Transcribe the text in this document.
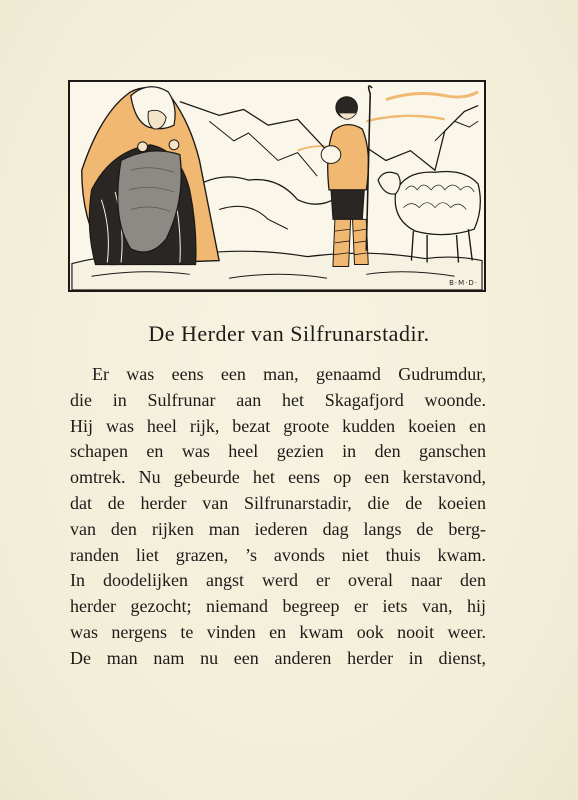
B·M·D·
De Herder van Silfrunarstadir.

Er was eens een man, genaamd Gudrumdur,
die in Sulfrunar aan het Skagafjord woonde.
Hij was heel rijk, bezat groote kudden koeien en
schapen en was heel gezien in den ganschen
omtrek. Nu gebeurde het eens op een kerstavond,
dat de herder van Silfrunarstadir, die de koeien
van den rijken man iederen dag langs de berg-
randen liet grazen, ’s avonds niet thuis kwam.
In doodelijken angst werd er overal naar den
herder gezocht; niemand begreep er iets van, hij
was nergens te vinden en kwam ook nooit weer.
De man nam nu een anderen herder in dienst,
